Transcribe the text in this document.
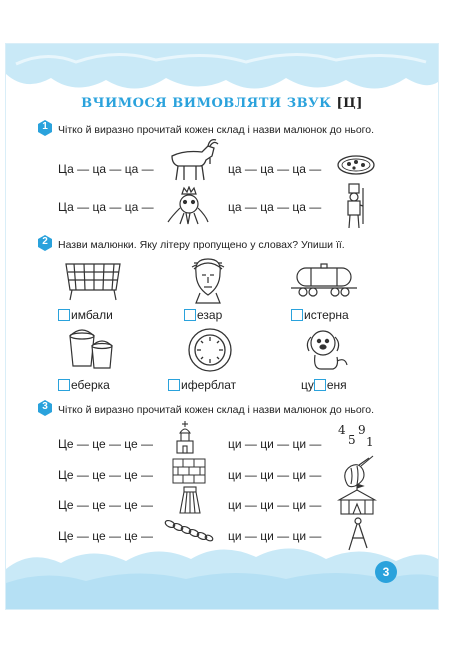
ВЧИМОСЯ ВИМОВЛЯТИ ЗВУК [Ц]
1 Чітко й виразно прочитай кожен склад і назви малюнок до нього.
Ца — ца — ца —	ца — ца — ца —
Ца — ца — ца —	ца — ца — ца —
2 Назви малюнки. Яку літеру пропущено у словах? Упиши її.
имбали	езар	истерна
еберка	иферблат	цу еня
3 Чітко й виразно прочитай кожен склад і назви малюнок до нього.
Це — це — це —	ци — ци — ци —
4
5
9
1
Це — це — це —	ци — ци — ци —
Це — це — це —	ци — ци — ци —
Це — це — це —	ци — ци — ци —
3
